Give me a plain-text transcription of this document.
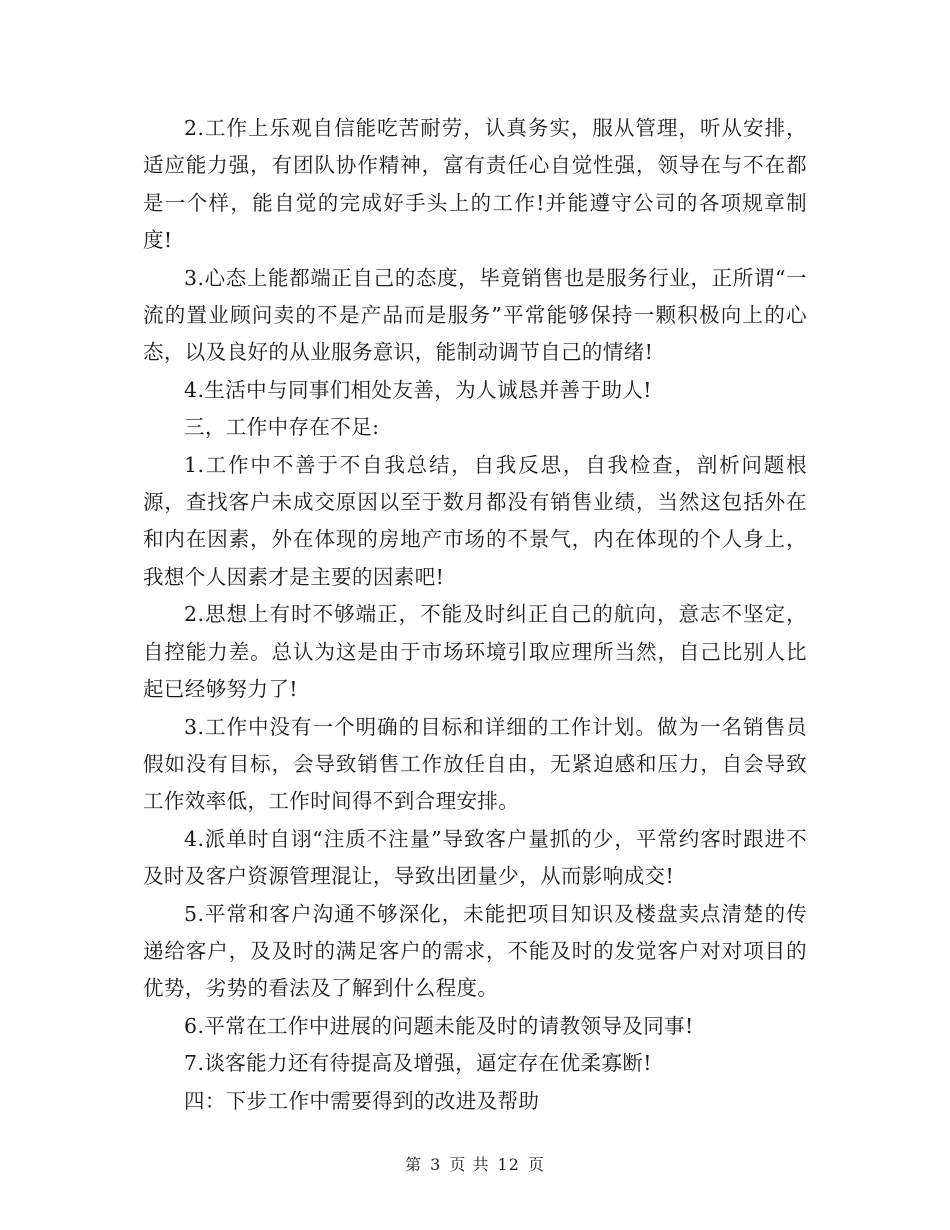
2.工作上乐观自信能吃苦耐劳，认真务实，服从管理，听从安排，适应能力强，有团队协作精神，富有责任心自觉性强，领导在与不在都是一个样，能自觉的完成好手头上的工作!并能遵守公司的各项规章制度!

3.心态上能都端正自己的态度，毕竟销售也是服务行业，正所谓“一流的置业顾问卖的不是产品而是服务”平常能够保持一颗积极向上的心态，以及良好的从业服务意识，能制动调节自己的情绪!

4.生活中与同事们相处友善，为人诚恳并善于助人!

三，工作中存在不足:

1.工作中不善于不自我总结，自我反思，自我检查，剖析问题根源，查找客户未成交原因以至于数月都没有销售业绩，当然这包括外在和内在因素，外在体现的房地产市场的不景气，内在体现的个人身上，我想个人因素才是主要的因素吧!

2.思想上有时不够端正，不能及时纠正自己的航向，意志不坚定，自控能力差。总认为这是由于市场环境引取应理所当然，自己比别人比起已经够努力了!

3.工作中没有一个明确的目标和详细的工作计划。做为一名销售员假如没有目标，会导致销售工作放任自由，无紧迫感和压力，自会导致工作效率低，工作时间得不到合理安排。

4.派单时自诩“注质不注量”导致客户量抓的少，平常约客时跟进不及时及客户资源管理混让，导致出团量少，从而影响成交!

5.平常和客户沟通不够深化，未能把项目知识及楼盘卖点清楚的传递给客户，及及时的满足客户的需求，不能及时的发觉客户对对项目的优势，劣势的看法及了解到什么程度。

6.平常在工作中进展的问题未能及时的请教领导及同事!

7.谈客能力还有待提高及增强，逼定存在优柔寡断!

四：下步工作中需要得到的改进及帮助

第 3 页 共 12 页
